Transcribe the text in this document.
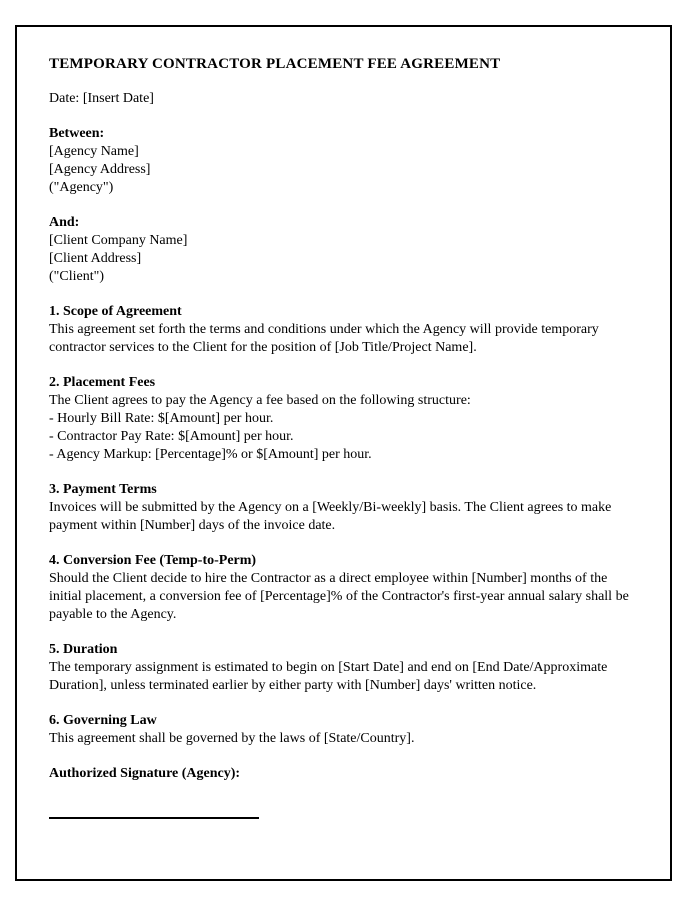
TEMPORARY CONTRACTOR PLACEMENT FEE AGREEMENT
Date: [Insert Date]
Between:
[Agency Name]
[Agency Address]
("Agency")
And:
[Client Company Name]
[Client Address]
("Client")
1. Scope of Agreement
This agreement set forth the terms and conditions under which the Agency will provide temporary contractor services to the Client for the position of [Job Title/Project Name].
2. Placement Fees
The Client agrees to pay the Agency a fee based on the following structure:
- Hourly Bill Rate: $[Amount] per hour.
- Contractor Pay Rate: $[Amount] per hour.
- Agency Markup: [Percentage]% or $[Amount] per hour.
3. Payment Terms
Invoices will be submitted by the Agency on a [Weekly/Bi-weekly] basis. The Client agrees to make payment within [Number] days of the invoice date.
4. Conversion Fee (Temp-to-Perm)
Should the Client decide to hire the Contractor as a direct employee within [Number] months of the initial placement, a conversion fee of [Percentage]% of the Contractor's first-year annual salary shall be payable to the Agency.
5. Duration
The temporary assignment is estimated to begin on [Start Date] and end on [End Date/Approximate Duration], unless terminated earlier by either party with [Number] days' written notice.
6. Governing Law
This agreement shall be governed by the laws of [State/Country].
Authorized Signature (Agency):
